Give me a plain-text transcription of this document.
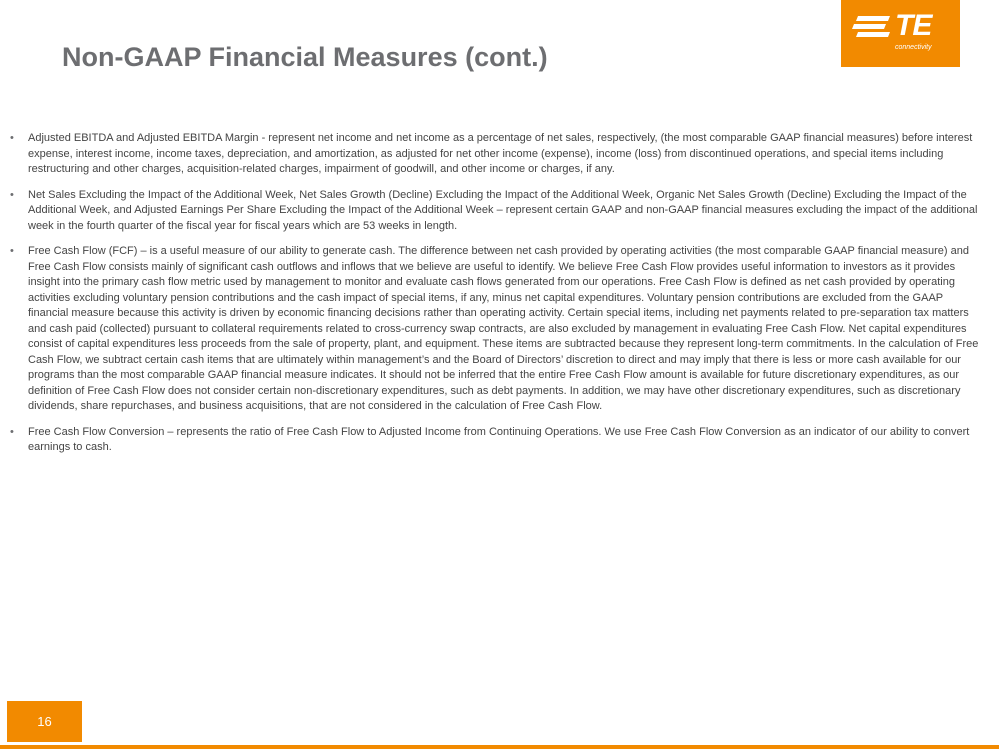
Non-GAAP Financial Measures (cont.)
TE
connectivity
• Adjusted EBITDA and Adjusted EBITDA Margin - represent net income and net income as a percentage of net sales, respectively, (the most comparable GAAP financial measures) before interest expense, interest income, income taxes, depreciation, and amortization, as adjusted for net other income (expense), income (loss) from discontinued operations, and special items including restructuring and other charges, acquisition-related charges, impairment of goodwill, and other income or charges, if any.
• Net Sales Excluding the Impact of the Additional Week, Net Sales Growth (Decline) Excluding the Impact of the Additional Week, Organic Net Sales Growth (Decline) Excluding the Impact of the Additional Week, and Adjusted Earnings Per Share Excluding the Impact of the Additional Week – represent certain GAAP and non-GAAP financial measures excluding the impact of the additional week in the fourth quarter of the fiscal year for fiscal years which are 53 weeks in length.
• Free Cash Flow (FCF) – is a useful measure of our ability to generate cash. The difference between net cash provided by operating activities (the most comparable GAAP financial measure) and Free Cash Flow consists mainly of significant cash outflows and inflows that we believe are useful to identify. We believe Free Cash Flow provides useful information to investors as it provides insight into the primary cash flow metric used by management to monitor and evaluate cash flows generated from our operations. Free Cash Flow is defined as net cash provided by operating activities excluding voluntary pension contributions and the cash impact of special items, if any, minus net capital expenditures. Voluntary pension contributions are excluded from the GAAP financial measure because this activity is driven by economic financing decisions rather than operating activity. Certain special items, including net payments related to pre-separation tax matters and cash paid (collected) pursuant to collateral requirements related to cross-currency swap contracts, are also excluded by management in evaluating Free Cash Flow. Net capital expenditures consist of capital expenditures less proceeds from the sale of property, plant, and equipment. These items are subtracted because they represent long-term commitments. In the calculation of Free Cash Flow, we subtract certain cash items that are ultimately within management’s and the Board of Directors’ discretion to direct and may imply that there is less or more cash available for our programs than the most comparable GAAP financial measure indicates. It should not be inferred that the entire Free Cash Flow amount is available for future discretionary expenditures, as our definition of Free Cash Flow does not consider certain non-discretionary expenditures, such as debt payments. In addition, we may have other discretionary expenditures, such as discretionary dividends, share repurchases, and business acquisitions, that are not considered in the calculation of Free Cash Flow.
• Free Cash Flow Conversion – represents the ratio of Free Cash Flow to Adjusted Income from Continuing Operations. We use Free Cash Flow Conversion as an indicator of our ability to convert earnings to cash.
16
